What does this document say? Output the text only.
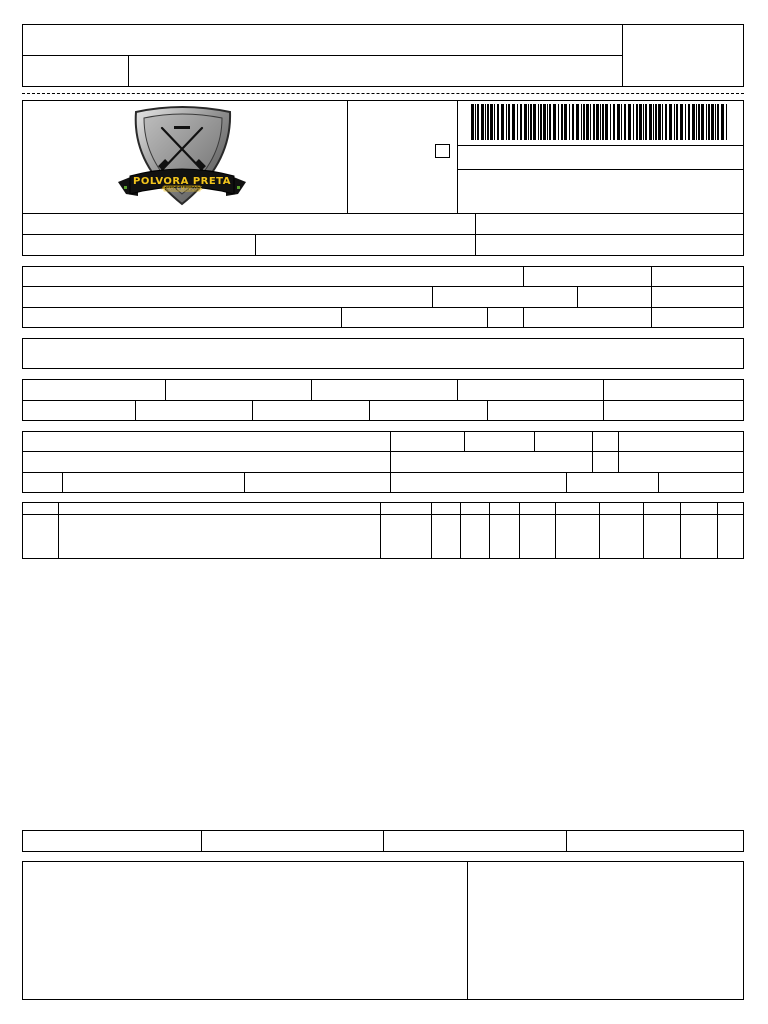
POLVORA PRETA
ARMAS E MUNIÇÕES
